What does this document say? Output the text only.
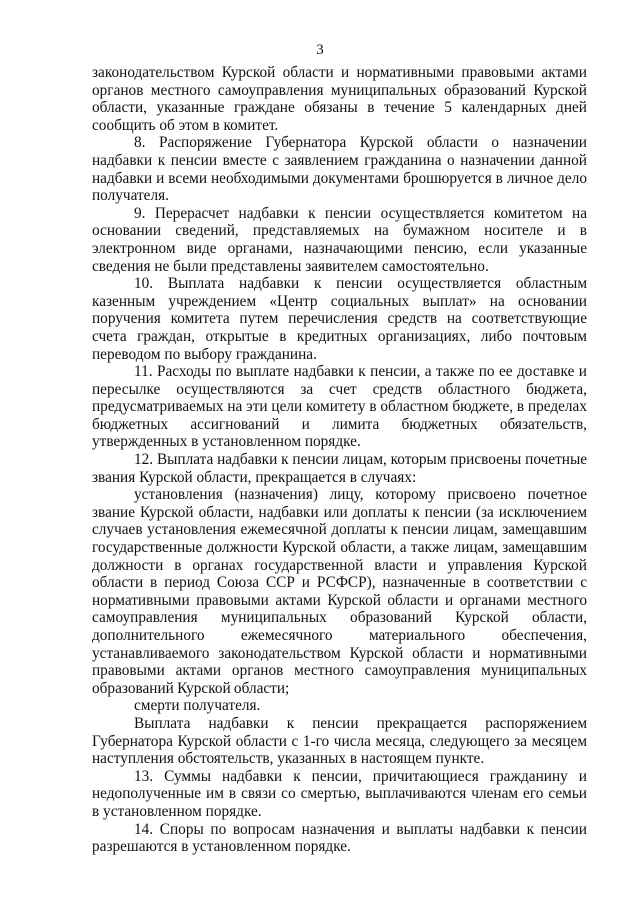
3

законодательством Курской области и нормативными правовыми актами органов местного самоуправления муниципальных образований Курской области, указанные граждане обязаны в течение 5 календарных дней сообщить об этом в комитет.

8. Распоряжение Губернатора Курской области о назначении надбавки к пенсии вместе с заявлением гражданина о назначении данной надбавки и всеми необходимыми документами брошюруется в личное дело получателя.

9. Перерасчет надбавки к пенсии осуществляется комитетом на основании сведений, представляемых на бумажном носителе и в электронном виде органами, назначающими пенсию, если указанные сведения не были представлены заявителем самостоятельно.

10. Выплата надбавки к пенсии осуществляется областным казенным учреждением «Центр социальных выплат» на основании поручения комитета путем перечисления средств на соответствующие счета граждан, открытые в кредитных организациях, либо почтовым переводом по выбору гражданина.

11. Расходы по выплате надбавки к пенсии, а также по ее доставке и пересылке осуществляются за счет средств областного бюджета, предусматриваемых на эти цели комитету в областном бюджете, в пределах бюджетных ассигнований и лимита бюджетных обязательств, утвержденных в установленном порядке.

12. Выплата надбавки к пенсии лицам, которым присвоены почетные звания Курской области, прекращается в случаях:

установления (назначения) лицу, которому присвоено почетное звание Курской области, надбавки или доплаты к пенсии (за исключением случаев установления ежемесячной доплаты к пенсии лицам, замещавшим государственные должности Курской области, а также лицам, замещавшим должности в органах государственной власти и управления Курской области в период Союза ССР и РСФСР), назначенные в соответствии с нормативными правовыми актами Курской области и органами местного самоуправления муниципальных образований Курской области, дополнительного ежемесячного материального обеспечения, устанавливаемого законодательством Курской области и нормативными правовыми актами органов местного самоуправления муниципальных образований Курской области;

смерти получателя.

Выплата надбавки к пенсии прекращается распоряжением Губернатора Курской области с 1-го числа месяца, следующего за месяцем наступления обстоятельств, указанных в настоящем пункте.

13. Суммы надбавки к пенсии, причитающиеся гражданину и недополученные им в связи со смертью, выплачиваются членам его семьи в установленном порядке.

14. Споры по вопросам назначения и выплаты надбавки к пенсии разрешаются в установленном порядке.
